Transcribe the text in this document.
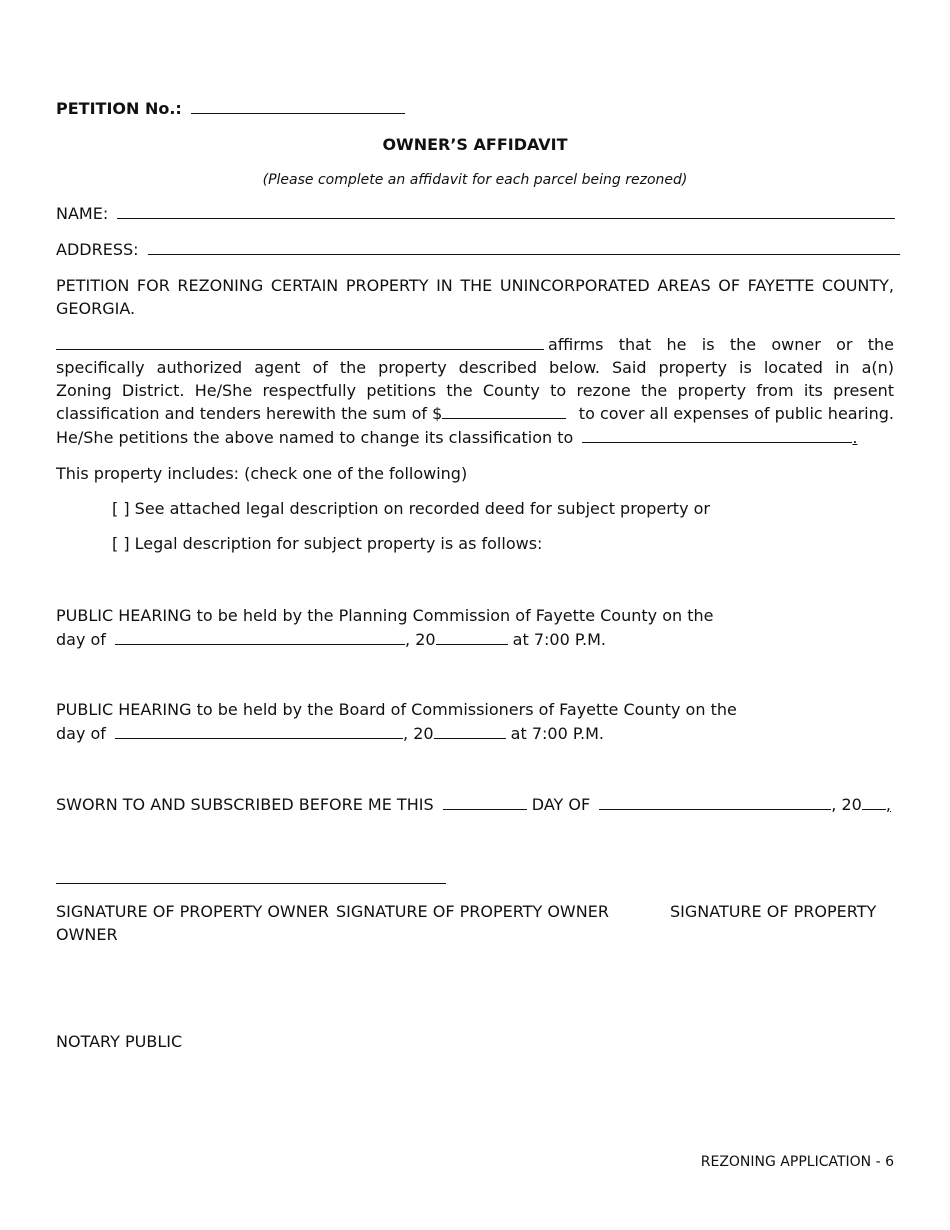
PETITION No.:
OWNER’S AFFIDAVIT
(Please complete an affidavit for each parcel being rezoned)
NAME:
ADDRESS:
PETITION FOR REZONING CERTAIN PROPERTY IN THE UNINCORPORATED AREAS OF FAYETTE COUNTY,
GEORGIA.
affirms that he is the owner or the
specifically authorized agent of the property described below. Said property is located in a(n)
Zoning District. He/She respectfully petitions the County to rezone the property from its present
classification and tenders herewith the sum of $	to cover all expenses of public hearing.
He/She petitions the above named to change its classification to	.
This property includes: (check one of the following)
[ ] See attached legal description on recorded deed for subject property or
[ ] Legal description for subject property is as follows:
PUBLIC HEARING to be held by the Planning Commission of Fayette County on the
day of	, 20	at 7:00 P.M.
PUBLIC HEARING to be held by the Board of Commissioners of Fayette County on the
day of	, 20	at 7:00 P.M.
SWORN TO AND SUBSCRIBED BEFORE ME THIS	DAY OF	, 20 ,
SIGNATURE OF PROPERTY OWNER SIGNATURE OF PROPERTY OWNER	SIGNATURE OF PROPERTY
OWNER
NOTARY PUBLIC
REZONING APPLICATION - 6
